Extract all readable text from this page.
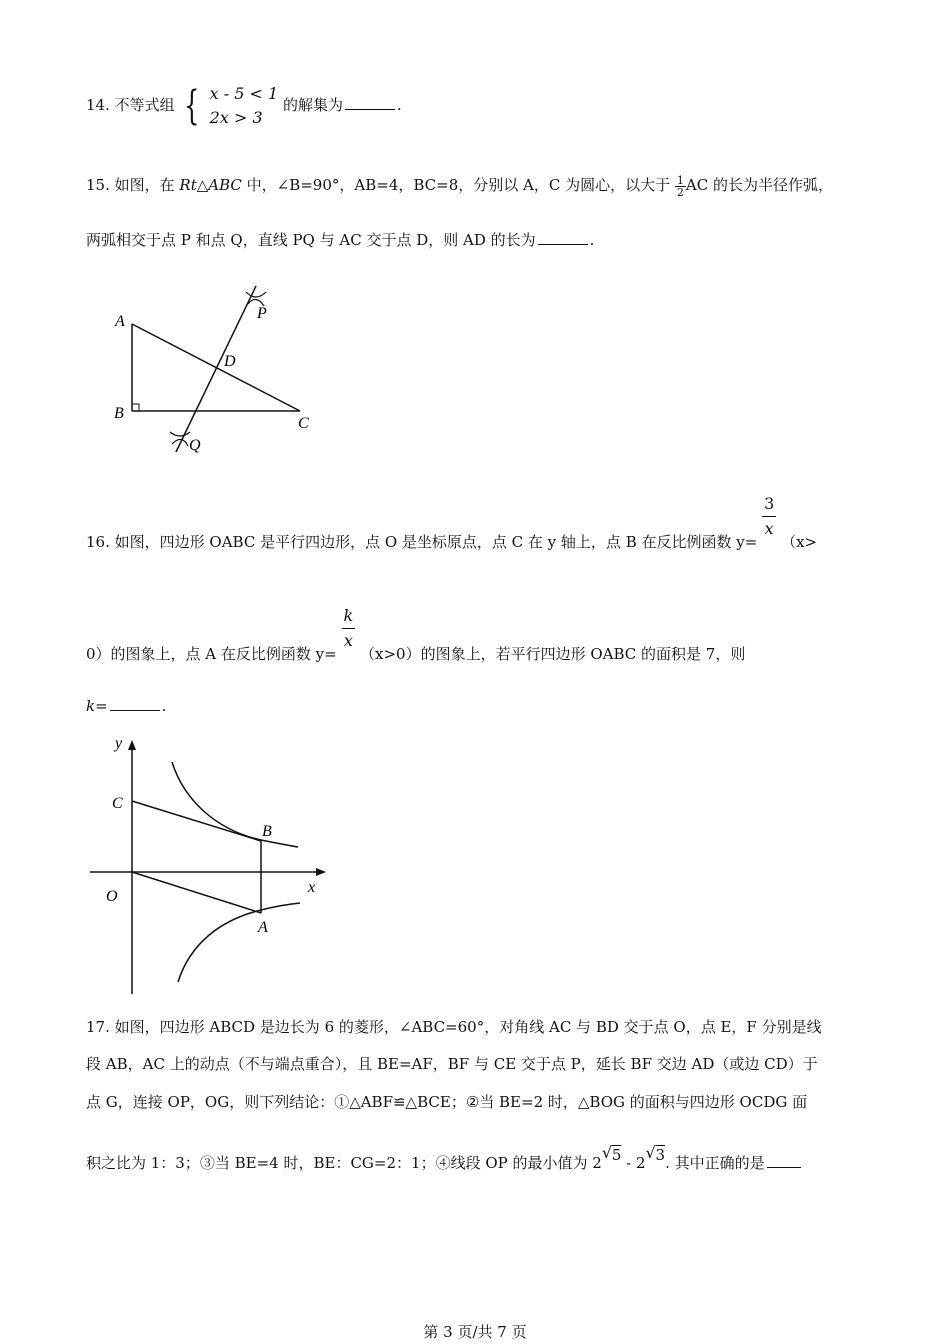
14. 不等式组 { x - 5 < 1
2x > 3 的解集为	.
15. 如图，在 Rt△ABC 中，∠B=90°，AB=4，BC=8，分别以 A，C 为圆心，以大于 $\frac{1}{2}$ AC 的长为半径作弧，
两弧相交于点 P 和点 Q，直线 PQ 与 AC 交于点 D，则 AD 的长为	.
A
B
C
D
P
Q
16. 如图，四边形 OABC 是平行四边形，点 O 是坐标原点，点 C 在 y 轴上，点 B 在反比例函数 y=
$\frac{3}{x}$
（x>
0）的图象上，点 A 在反比例函数 y=
$\frac{k}{x}$
（x>0）的图象上，若平行四边形 OABC 的面积是 7，则
k=	.
y
x
O
C
B
A
17. 如图，四边形 ABCD 是边长为 6 的菱形，∠ABC=60°，对角线 AC 与 BD 交于点 O，点 E，F 分别是线
段 AB，AC 上的动点（不与端点重合），且 BE=AF，BF 与 CE 交于点 P，延长 BF 交边 AD（或边 CD）于
点 G，连接 OP，OG，则下列结论：①△ABF≌△BCE；②当 BE=2 时，△BOG 的面积与四边形 OCDG 面
积之比为 1：3；③当 BE=4 时，BE：CG=2：1；④线段 OP 的最小值为 2 √ 5 - 2 √ 3. 其中正确的是
第 3 页/共 7 页
